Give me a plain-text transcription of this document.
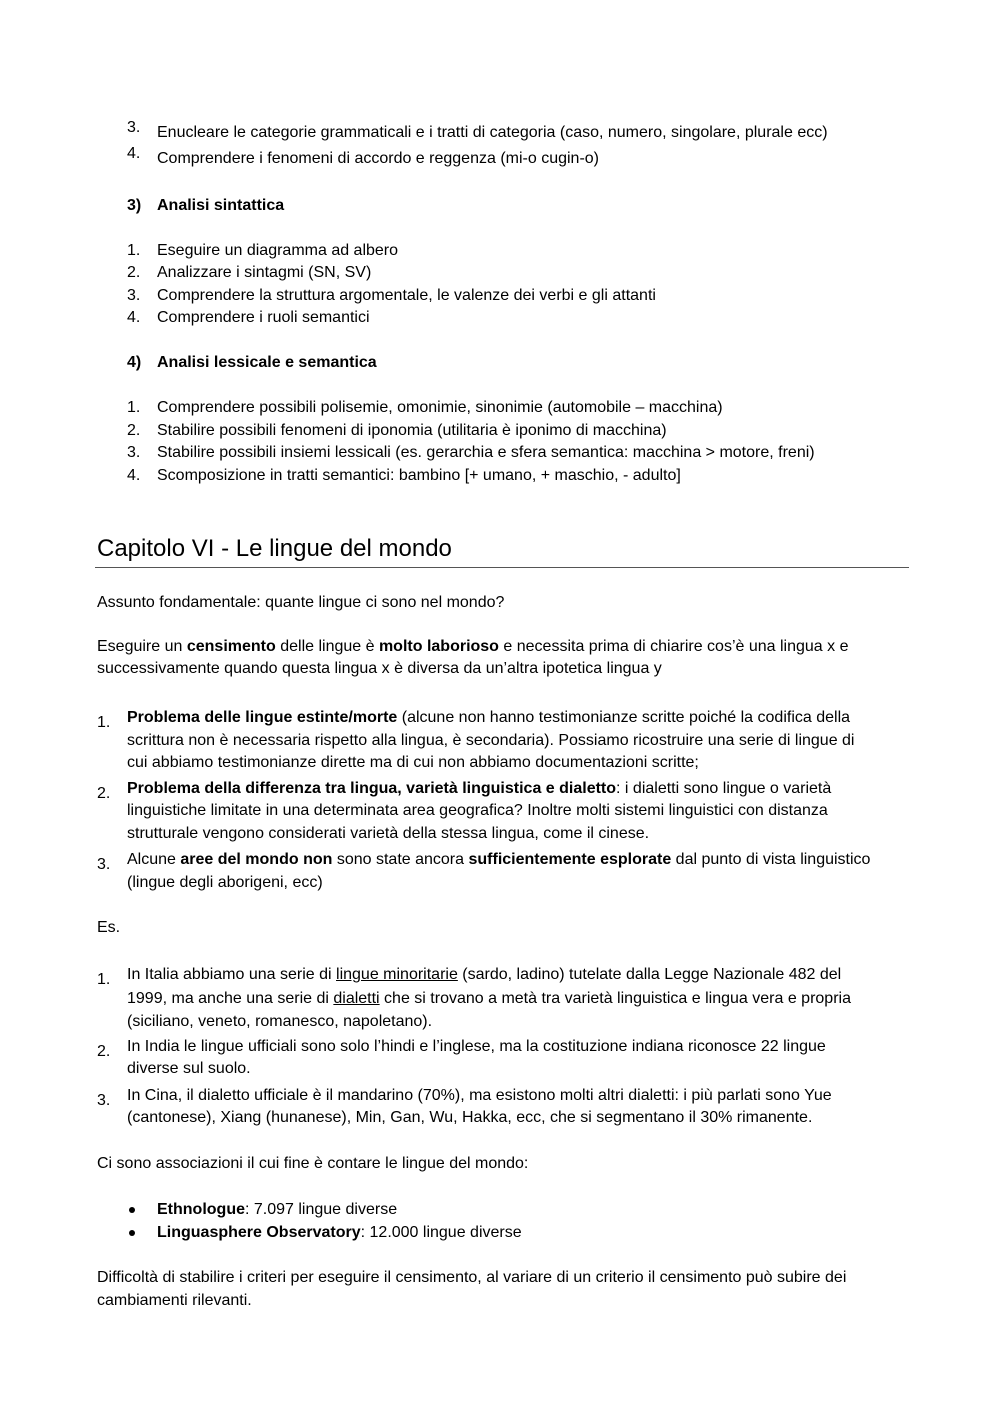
3. Enucleare le categorie grammaticali e i tratti di categoria (caso, numero, singolare, plurale ecc)
4. Comprendere i fenomeni di accordo e reggenza (mi-o cugin-o)
3) Analisi sintattica
1. Eseguire un diagramma ad albero
2. Analizzare i sintagmi (SN, SV)
3. Comprendere la struttura argomentale, le valenze dei verbi e gli attanti
4. Comprendere i ruoli semantici
4) Analisi lessicale e semantica
1. Comprendere possibili polisemie, omonimie, sinonimie (automobile – macchina)
2. Stabilire possibili fenomeni di iponomia (utilitaria è iponimo di macchina)
3. Stabilire possibili insiemi lessicali (es. gerarchia e sfera semantica: macchina > motore, freni)
4. Scomposizione in tratti semantici: bambino [+ umano, + maschio, - adulto]
Capitolo VI - Le lingue del mondo
Assunto fondamentale: quante lingue ci sono nel mondo?
Eseguire un censimento delle lingue è molto laborioso e necessita prima di chiarire cos’è una lingua x e
successivamente quando questa lingua x è diversa da un’altra ipotetica lingua y
1. Problema delle lingue estinte/morte (alcune non hanno testimonianze scritte poiché la codifica della
scrittura non è necessaria rispetto alla lingua, è secondaria). Possiamo ricostruire una serie di lingue di
cui abbiamo testimonianze dirette ma di cui non abbiamo documentazioni scritte;
2. Problema della differenza tra lingua, varietà linguistica e dialetto: i dialetti sono lingue o varietà
linguistiche limitate in una determinata area geografica? Inoltre molti sistemi linguistici con distanza
strutturale vengono considerati varietà della stessa lingua, come il cinese.
3. Alcune aree del mondo non sono state ancora sufficientemente esplorate dal punto di vista linguistico
(lingue degli aborigeni, ecc)
Es.
1. In Italia abbiamo una serie di lingue minoritarie (sardo, ladino) tutelate dalla Legge Nazionale 482 del
1999, ma anche una serie di dialetti che si trovano a metà tra varietà linguistica e lingua vera e propria
(siciliano, veneto, romanesco, napoletano).
2. In India le lingue ufficiali sono solo l’hindi e l’inglese, ma la costituzione indiana riconosce 22 lingue
diverse sul suolo.
3. In Cina, il dialetto ufficiale è il mandarino (70%), ma esistono molti altri dialetti: i più parlati sono Yue
(cantonese), Xiang (hunanese), Min, Gan, Wu, Hakka, ecc, che si segmentano il 30% rimanente.
Ci sono associazioni il cui fine è contare le lingue del mondo:
Ethnologue: 7.097 lingue diverse
Linguasphere Observatory: 12.000 lingue diverse
Difficoltà di stabilire i criteri per eseguire il censimento, al variare di un criterio il censimento può subire dei
cambiamenti rilevanti.
